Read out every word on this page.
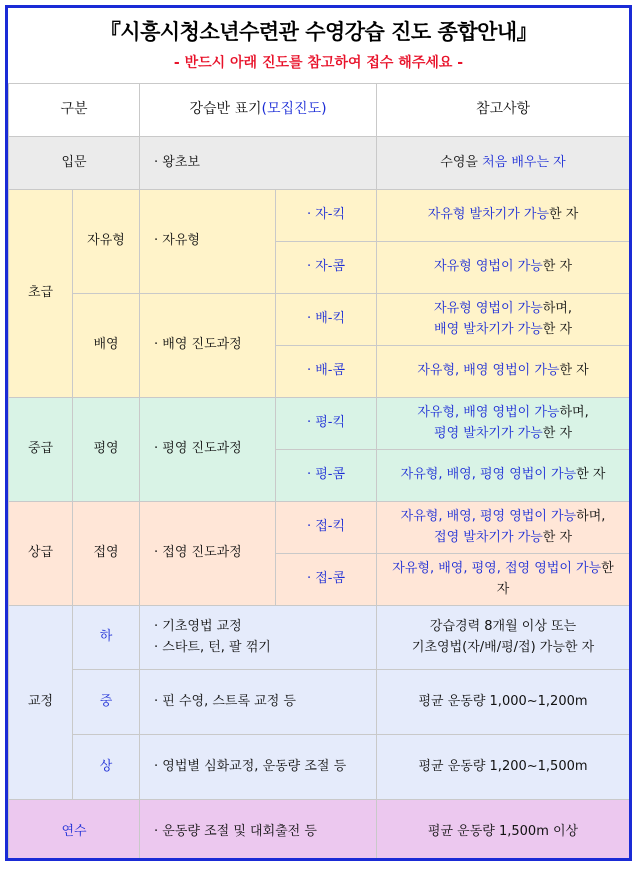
『시흥시청소년수련관 수영강습 진도 종합안내』
- 반드시 아래 진도를 참고하여 접수 해주세요 -
구분		강습반 표기(모집진도)		참고사항
입문		· 왕초보		수영을 처음 배우는 자
초급	자유형	· 자유형	· 자-킥	자유형 발차기가 가능한 자
			· 자-콤	자유형 영법이 가능한 자
	배영	· 배영 진도과정	· 배-킥	자유형 영법이 가능하며,
배영 발차기가 가능한 자
			· 배-콤	자유형, 배영 영법이 가능한 자
중급	평영	· 평영 진도과정	· 평-킥	자유형, 배영 영법이 가능하며,
평영 발차기가 가능한 자
			· 평-콤	자유형, 배영, 평영 영법이 가능한 자
상급	접영	· 접영 진도과정	· 접-킥	자유형, 배영, 평영 영법이 가능하며,
접영 발차기가 가능한 자
			· 접-콤	자유형, 배영, 평영, 접영 영법이 가능한
자
교정	하	· 기초영법 교정
· 스타트, 턴, 팔 꺾기		강습경력 8개월 이상 또는
기초영법(자/배/평/접) 가능한 자
	중	· 핀 수영, 스트록 교정 등		평균 운동량 1,000~1,200m
	상	· 영법별 심화교정, 운동량 조절 등		평균 운동량 1,200~1,500m
연수		· 운동량 조절 및 대회출전 등		평균 운동량 1,500m 이상
